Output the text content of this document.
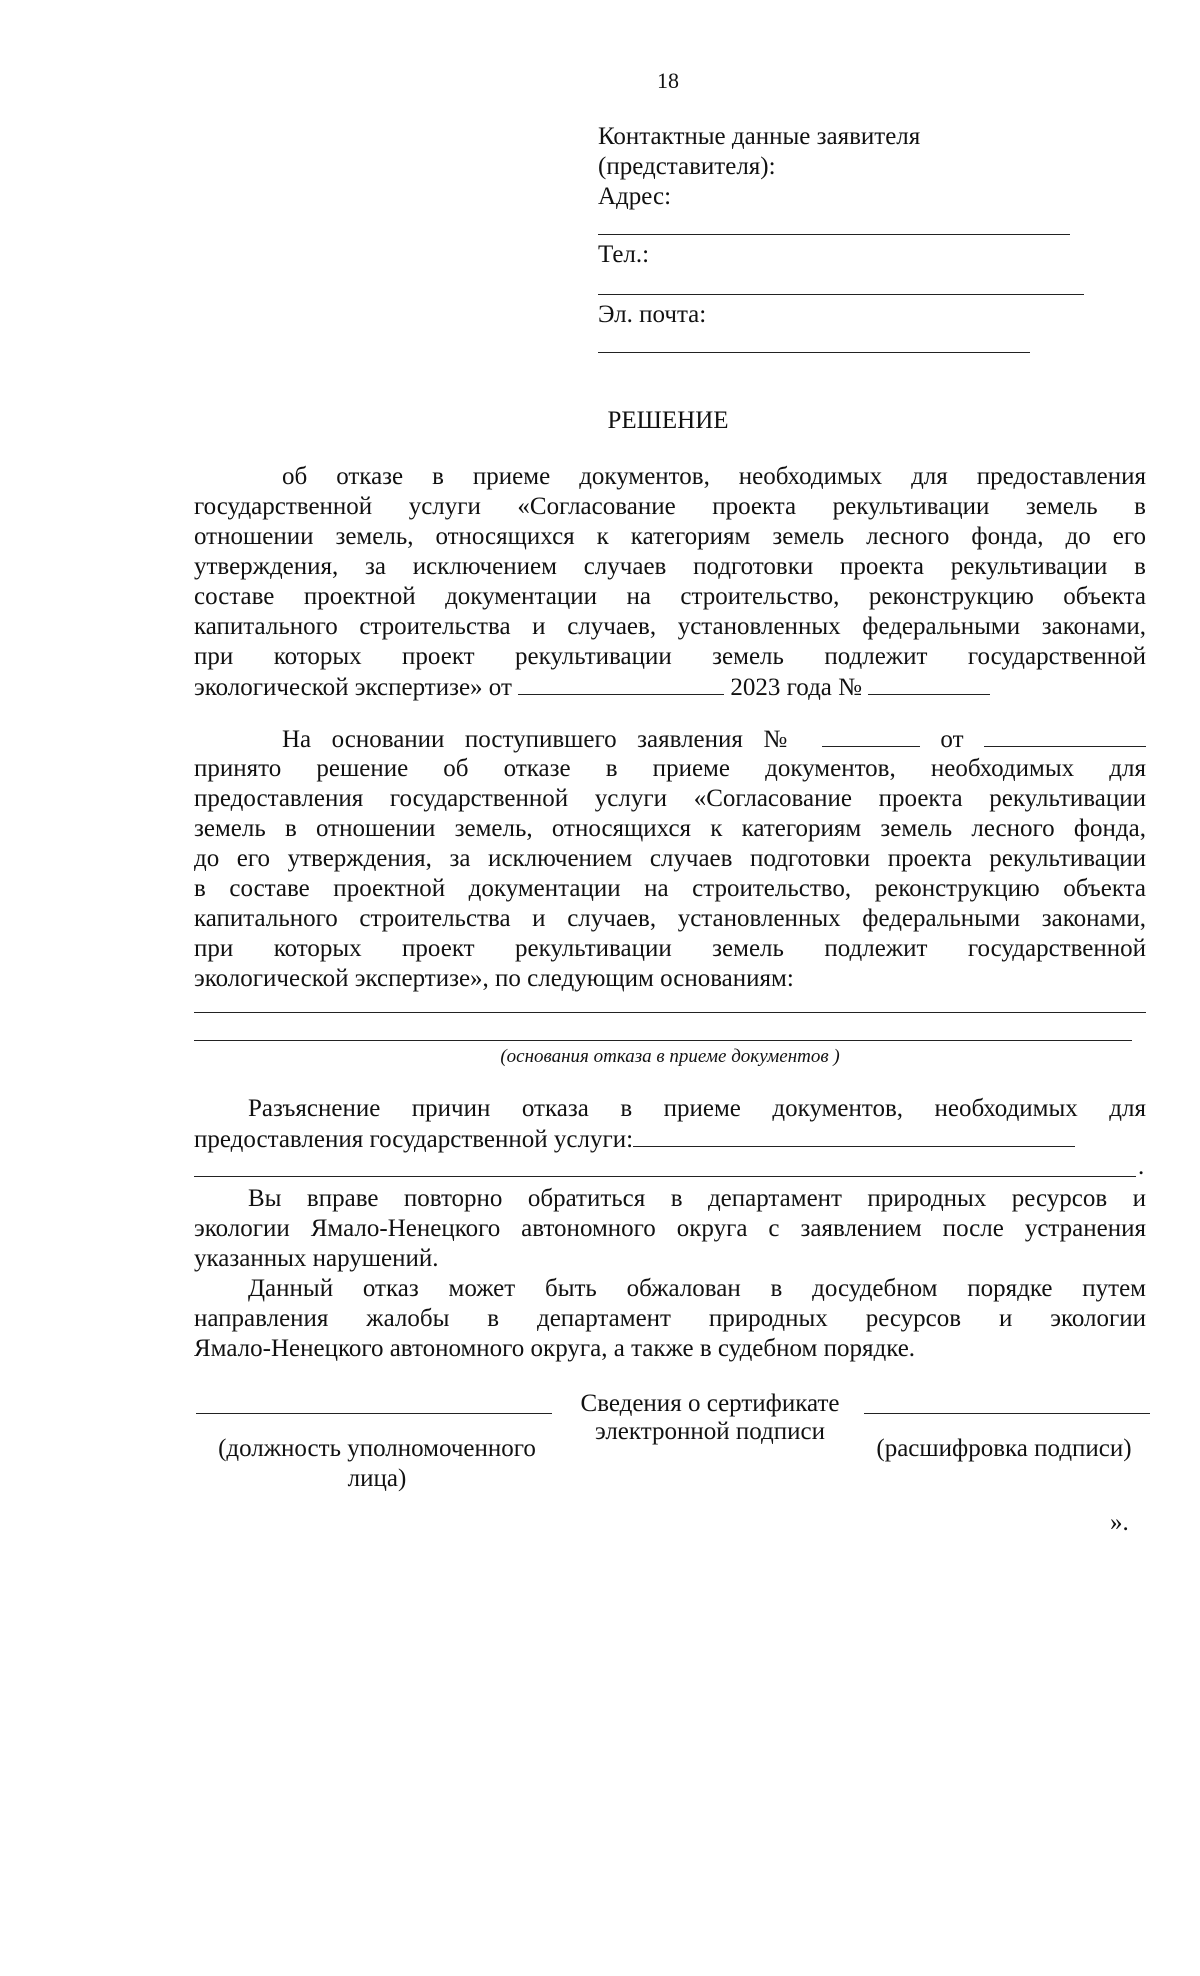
18
Контактные данные заявителя
(представителя):
Адрес:
Тел.:
Эл. почта:
РЕШЕНИЕ
об отказе в приеме документов, необходимых для предоставления
государственной услуги «Согласование проекта рекультивации земель в
отношении земель, относящихся к категориям земель лесного фонда, до его
утверждения, за исключением случаев подготовки проекта рекультивации в
составе проектной документации на строительство, реконструкцию объекта
капитального строительства и случаев, установленных федеральными законами,
при которых проект рекультивации земель подлежит государственной
экологической экспертизе» от	2023 года №
На основании поступившего заявления №	от
принято решение об отказе в приеме документов, необходимых для
предоставления государственной услуги «Согласование проекта рекультивации
земель в отношении земель, относящихся к категориям земель лесного фонда,
до его утверждения, за исключением случаев подготовки проекта рекультивации
в составе проектной документации на строительство, реконструкцию объекта
капитального строительства и случаев, установленных федеральными законами,
при которых проект рекультивации земель подлежит государственной
экологической экспертизе», по следующим основаниям:
(основания отказа в приеме документов )
Разъяснение причин отказа в приеме документов, необходимых для
предоставления государственной услуги:
.
Вы вправе повторно обратиться в департамент природных ресурсов и
экологии Ямало-Ненецкого автономного округа с заявлением после устранения
указанных нарушений.
Данный отказ может быть обжалован в досудебном порядке путем
направления жалобы в департамент природных ресурсов и экологии
Ямало-Ненецкого автономного округа, а также в судебном порядке.
Сведения о сертификате
электронной подписи
(должность уполномоченного
лица)
(расшифровка подписи)
».
